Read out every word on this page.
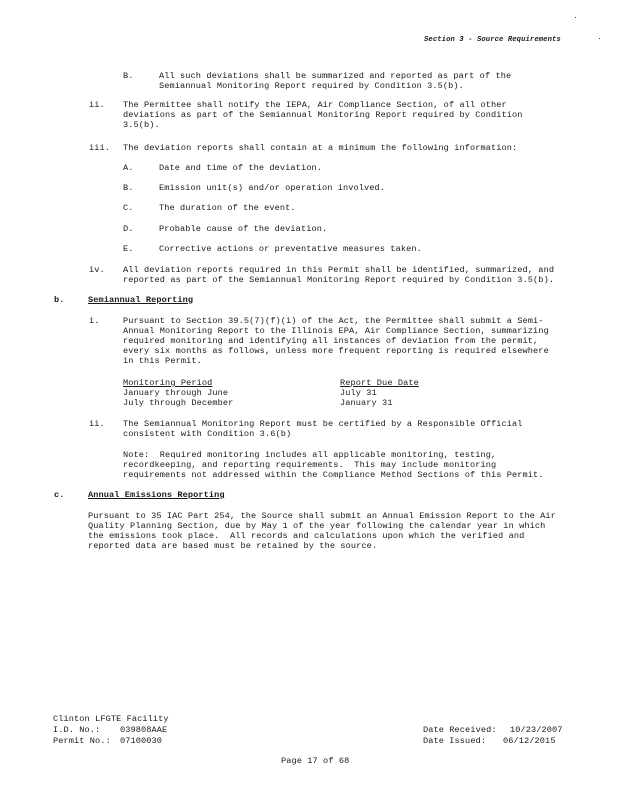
Section 3 - Source Requirements
B.	All such deviations shall be summarized and reported as part of the
Semiannual Monitoring Report required by Condition 3.5(b).
ii. The Permittee shall notify the IEPA, Air Compliance Section, of all other
deviations as part of the Semiannual Monitoring Report required by Condition
3.5(b).
iii. The deviation reports shall contain at a minimum the following information:
A.	Date and time of the deviation.
B.	Emission unit(s) and/or operation involved.
C.	The duration of the event.
D.	Probable cause of the deviation.
E.	Corrective actions or preventative measures taken.
iv. All deviation reports required in this Permit shall be identified, summarized, and
reported as part of the Semiannual Monitoring Report required by Condition 3.5(b).
b.	Semiannual Reporting
i.	Pursuant to Section 39.5(7)(f)(i) of the Act, the Permittee shall submit a Semi-
Annual Monitoring Report to the Illinois EPA, Air Compliance Section, summarizing
required monitoring and identifying all instances of deviation from the permit,
every six months as follows, unless more frequent reporting is required elsewhere
in this Permit.
Monitoring Period	Report Due Date
January through June	July 31
July through December	January 31
ii. The Semiannual Monitoring Report must be certified by a Responsible Official
consistent with Condition 3.6(b)
Note:  Required monitoring includes all applicable monitoring, testing,
recordkeeping, and reporting requirements.  This may include monitoring
requirements not addressed within the Compliance Method Sections of this Permit.
c.	Annual Emissions Reporting
Pursuant to 35 IAC Part 254, the Source shall submit an Annual Emission Report to the Air
Quality Planning Section, due by May 1 of the year following the calendar year in which
the emissions took place.  All records and calculations upon which the verified and
reported data are based must be retained by the source.
Clinton LFGTE Facility
I.D. No.: 039808AAE
Permit No.: 07100030
Date Received: 10/23/2007
Date Issued: 06/12/2015
Page 17 of 68
